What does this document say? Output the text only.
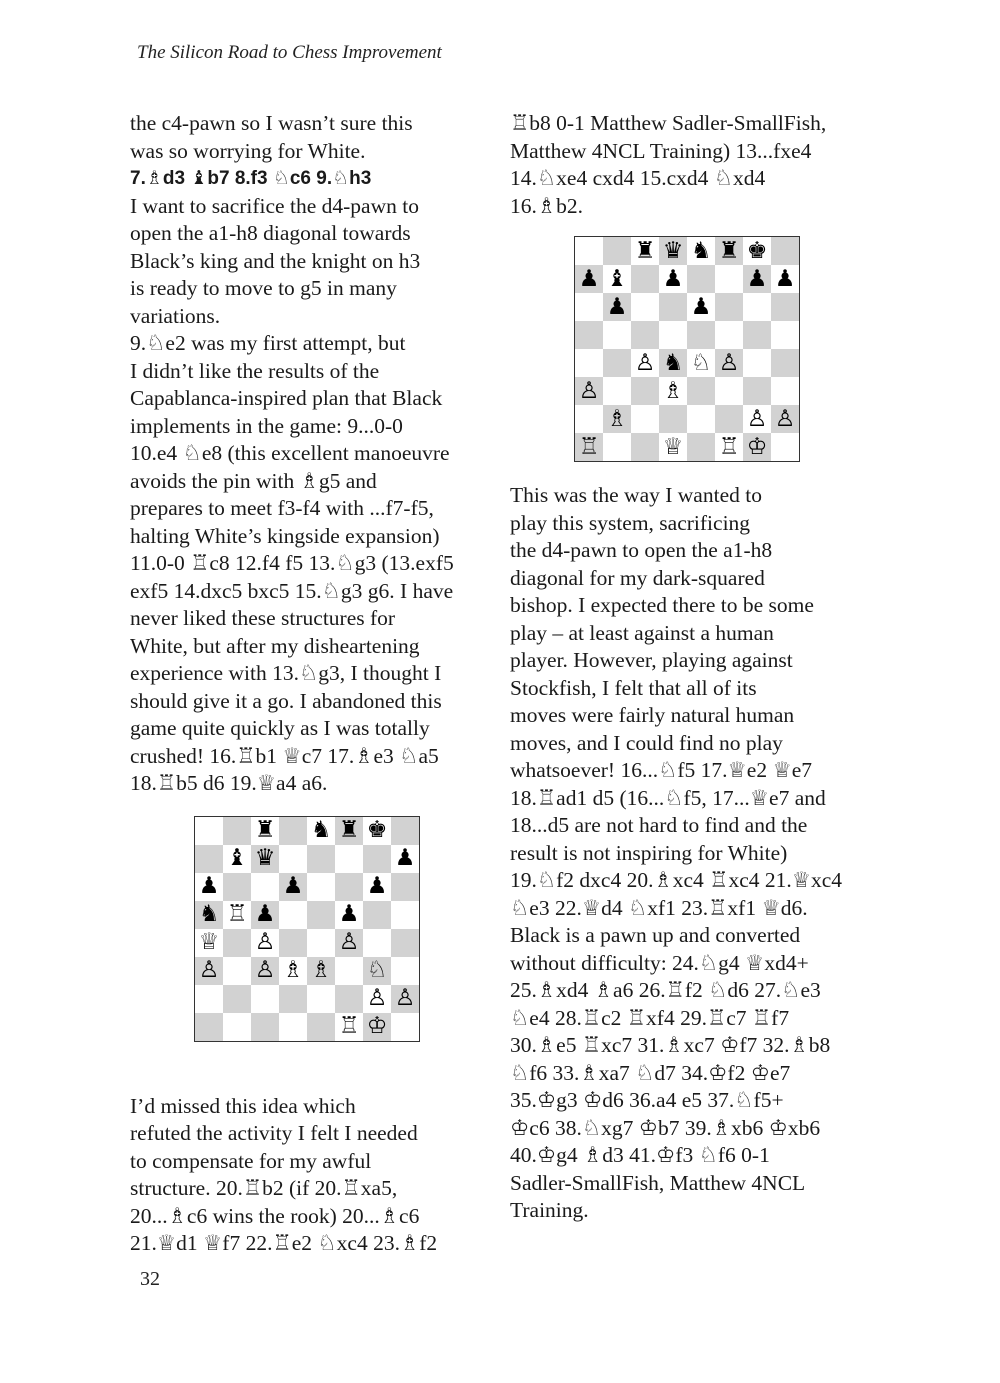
The Silicon Road to Chess Improvement
the c4-pawn so I wasn’t sure this
was so worrying for White.
7.♗d3 ♝b7 8.f3 ♘c6 9.♘h3
I want to sacrifice the d4-pawn to
open the a1-h8 diagonal towards
Black’s king and the knight on h3
is ready to move to g5 in many
variations.
9.♘e2 was my first attempt, but
I didn’t like the results of the
Capablanca-inspired plan that Black
implements in the game: 9...0-0
10.e4 ♘e8 (this excellent manoeuvre
avoids the pin with ♗g5 and
prepares to meet f3-f4 with ...f7-f5,
halting White’s kingside expansion)
11.0-0 ♖c8 12.f4 f5 13.♘g3 (13.exf5
exf5 14.dxc5 bxc5 15.♘g3 g6. I have
never liked these structures for
White, but after my disheartening
experience with 13.♘g3, I thought I
should give it a go. I abandoned this
game quite quickly as I was totally
crushed! 16.♖b1 ♕c7 17.♗e3 ♘a5
18.♖b5 d6 19.♕a4 a6.
♜ ♞ ♜ ♚
♝ ♛	♟
♟	♟	♟
♞ ♖ ♟	♟
♕ ♙	♙
♙ ♙ ♗ ♗ ♘
♙ ♙
♖ ♔
I’d missed this idea which
refuted the activity I felt I needed
to compensate for my awful
structure. 20.♖b2 (if 20.♖xa5,
20...♗c6 wins the rook) 20...♗c6
21.♕d1 ♕f7 22.♖e2 ♘xc4 23.♗f2
♖b8 0-1 Matthew Sadler-SmallFish,
Matthew 4NCL Training) 13...fxe4
14.♘xe4 cxd4 15.cxd4 ♘xd4
16.♗b2.
♜ ♛ ♞ ♜ ♚
♟ ♝ ♟	♟ ♟
♟	♟
♙ ♞ ♘ ♙
♙	♗
♗	♙ ♙
♖	♕ ♖ ♔
This was the way I wanted to
play this system, sacrificing
the d4-pawn to open the a1-h8
diagonal for my dark-squared
bishop. I expected there to be some
play – at least against a human
player. However, playing against
Stockfish, I felt that all of its
moves were fairly natural human
moves, and I could find no play
whatsoever! 16...♘f5 17.♕e2 ♕e7
18.♖ad1 d5 (16...♘f5, 17...♕e7 and
18...d5 are not hard to find and the
result is not inspiring for White)
19.♘f2 dxc4 20.♗xc4 ♖xc4 21.♕xc4
♘e3 22.♕d4 ♘xf1 23.♖xf1 ♕d6.
Black is a pawn up and converted
without difficulty: 24.♘g4 ♕xd4+
25.♗xd4 ♗a6 26.♖f2 ♘d6 27.♘e3
♘e4 28.♖c2 ♖xf4 29.♖c7 ♖f7
30.♗e5 ♖xc7 31.♗xc7 ♔f7 32.♗b8
♘f6 33.♗xa7 ♘d7 34.♔f2 ♔e7
35.♔g3 ♔d6 36.a4 e5 37.♘f5+
♔c6 38.♘xg7 ♔b7 39.♗xb6 ♔xb6
40.♔g4 ♗d3 41.♔f3 ♘f6 0-1
Sadler-SmallFish, Matthew 4NCL
Training.
32
